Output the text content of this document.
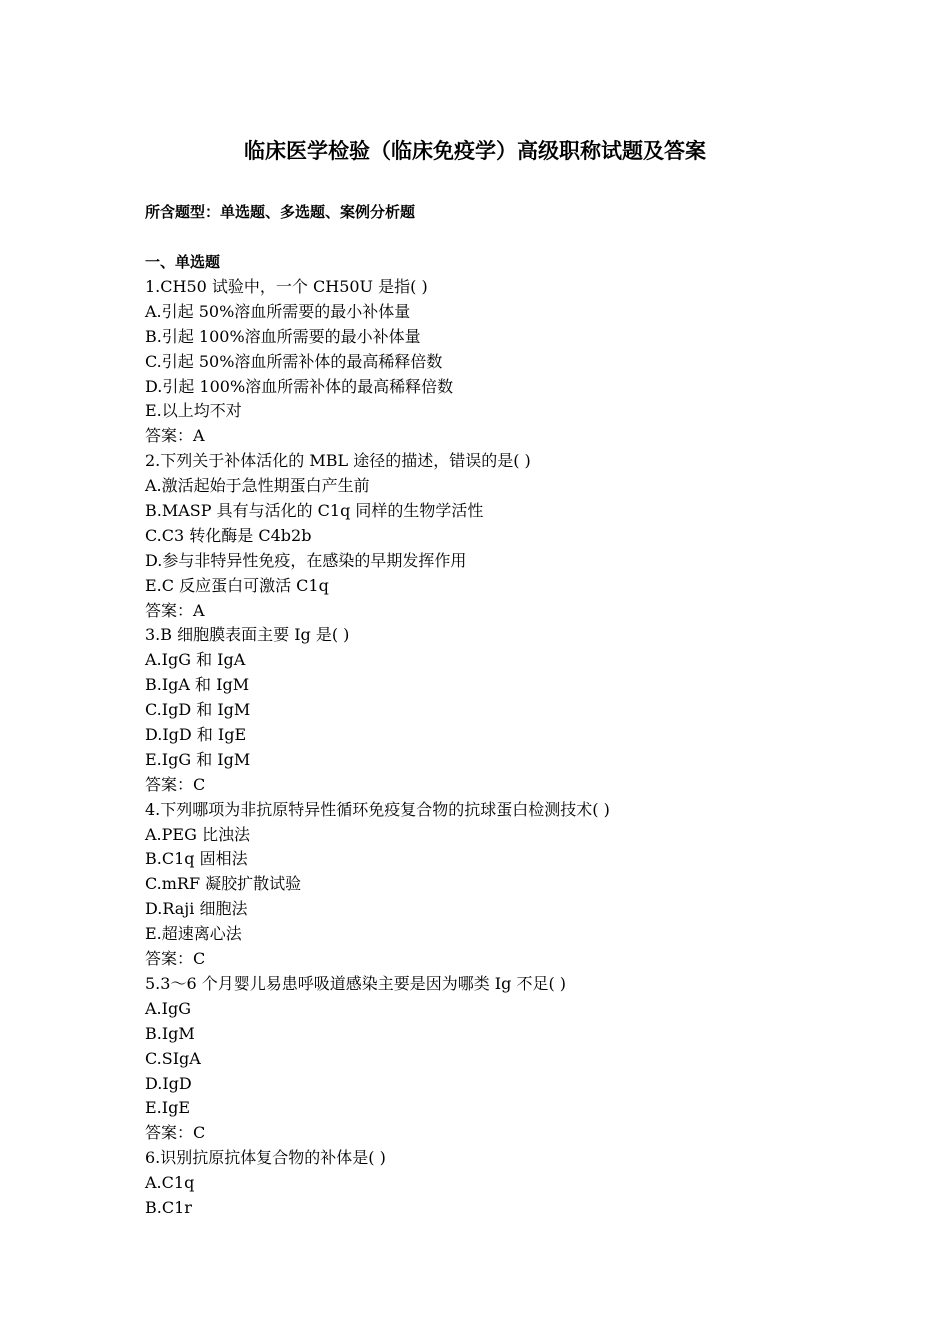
临床医学检验（临床免疫学）高级职称试题及答案

所含题型：单选题、多选题、案例分析题

一、单选题

1.CH50 试验中，一个 CH50U 是指( )

A.引起 50%溶血所需要的最小补体量

B.引起 100%溶血所需要的最小补体量

C.引起 50%溶血所需补体的最高稀释倍数

D.引起 100%溶血所需补体的最高稀释倍数

E.以上均不对

答案：A

2.下列关于补体活化的 MBL 途径的描述，错误的是( )

A.激活起始于急性期蛋白产生前

B.MASP 具有与活化的 C1q 同样的生物学活性

C.C3 转化酶是 C4b2b

D.参与非特异性免疫，在感染的早期发挥作用

E.C 反应蛋白可激活 C1q

答案：A

3.B 细胞膜表面主要 Ig 是( )

A.IgG 和 IgA

B.IgA 和 IgM

C.IgD 和 IgM

D.IgD 和 IgE

E.IgG 和 IgM

答案：C

4.下列哪项为非抗原特异性循环免疫复合物的抗球蛋白检测技术( )

A.PEG 比浊法

B.C1q 固相法

C.mRF 凝胶扩散试验

D.Raji 细胞法

E.超速离心法

答案：C

5.3～6 个月婴儿易患呼吸道感染主要是因为哪类 Ig 不足( )

A.IgG

B.IgM

C.SIgA

D.IgD

E.IgE

答案：C

6.识别抗原抗体复合物的补体是( )

A.C1q

B.C1r
